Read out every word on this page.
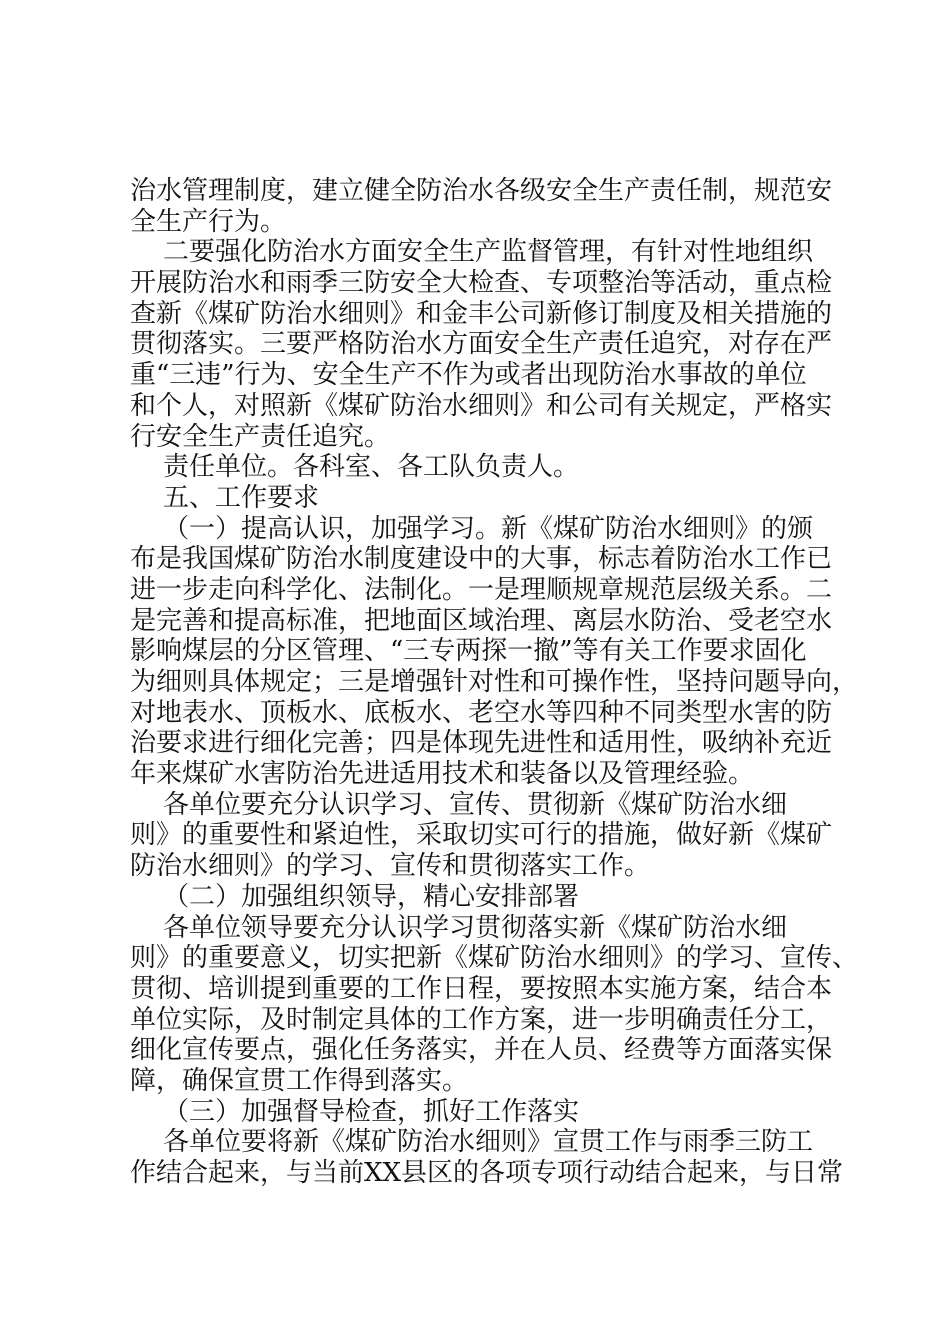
治水管理制度，建立健全防治水各级安全生产责任制，规范安
全生产行为。
二要强化防治水方面安全生产监督管理，有针对性地组织
开展防治水和雨季三防安全大检查、专项整治等活动，重点检
查新《煤矿防治水细则》和金丰公司新修订制度及相关措施的
贯彻落实。三要严格防治水方面安全生产责任追究，对存在严
重“三违”行为、安全生产不作为或者出现防治水事故的单位
和个人，对照新《煤矿防治水细则》和公司有关规定，严格实
行安全生产责任追究。
责任单位。各科室、各工队负责人。
五、工作要求
（一）提高认识，加强学习。新《煤矿防治水细则》的颁
布是我国煤矿防治水制度建设中的大事，标志着防治水工作已
进一步走向科学化、法制化。一是理顺规章规范层级关系。二
是完善和提高标准，把地面区域治理、离层水防治、受老空水
影响煤层的分区管理、“三专两探一撤”等有关工作要求固化
为细则具体规定；三是增强针对性和可操作性，坚持问题导向，
对地表水、顶板水、底板水、老空水等四种不同类型水害的防
治要求进行细化完善；四是体现先进性和适用性，吸纳补充近
年来煤矿水害防治先进适用技术和装备以及管理经验。
各单位要充分认识学习、宣传、贯彻新《煤矿防治水细
则》的重要性和紧迫性，采取切实可行的措施，做好新《煤矿
防治水细则》的学习、宣传和贯彻落实工作。
（二）加强组织领导，精心安排部署
各单位领导要充分认识学习贯彻落实新《煤矿防治水细
则》的重要意义，切实把新《煤矿防治水细则》的学习、宣传、
贯彻、培训提到重要的工作日程，要按照本实施方案，结合本
单位实际，及时制定具体的工作方案，进一步明确责任分工，
细化宣传要点，强化任务落实，并在人员、经费等方面落实保
障，确保宣贯工作得到落实。
（三）加强督导检查，抓好工作落实
各单位要将新《煤矿防治水细则》宣贯工作与雨季三防工
作结合起来，与当前XX县区的各项专项行动结合起来，与日常
